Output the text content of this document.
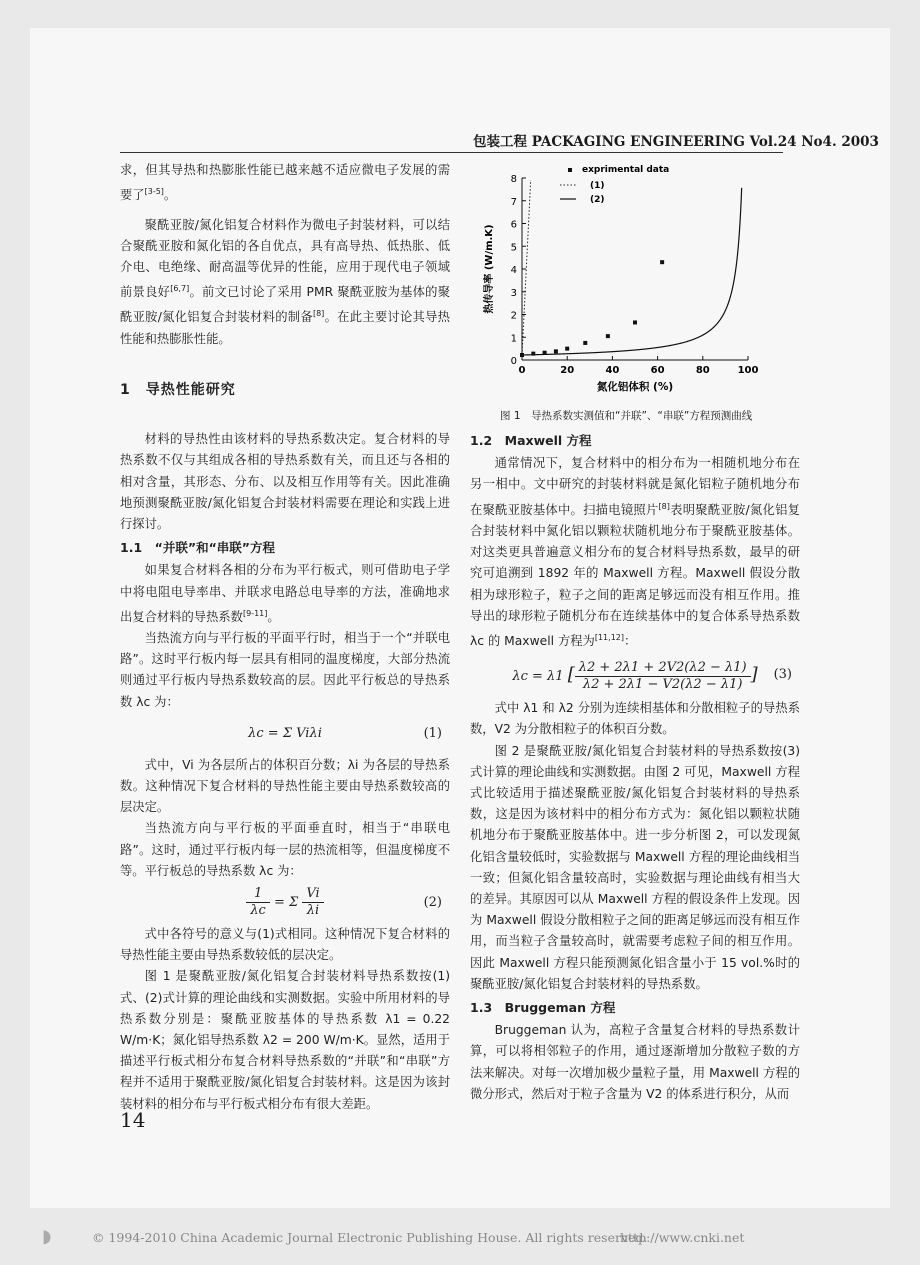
包装工程 PACKAGING ENGINEERING Vol.24 No4. 2003

求，但其导热和热膨胀性能已越来越不适应微电子发展的需要了[3-5]。

聚酰亚胺/氮化铝复合材料作为微电子封装材料，可以结合聚酰亚胺和氮化铝的各自优点，具有高导热、低热胀、低介电、电绝缘、耐高温等优异的性能，应用于现代电子领域前景良好[6,7]。前文已讨论了采用 PMR 聚酰亚胺为基体的聚酰亚胺/氮化铝复合封装材料的制备[8]。在此主要讨论其导热性能和热膨胀性能。

1　导热性能研究

材料的导热性由该材料的导热系数决定。复合材料的导热系数不仅与其组成各相的导热系数有关，而且还与各相的相对含量，其形态、分布、以及相互作用等有关。因此准确地预测聚酰亚胺/氮化铝复合封装材料需要在理论和实践上进行探讨。

1.1　“并联”和“串联”方程

如果复合材料各相的分布为平行板式，则可借助电子学中将电阻电导率串、并联求电路总电导率的方法，准确地求出复合材料的导热系数[9-11]。

当热流方向与平行板的平面平行时，相当于一个“并联电路”。这时平行板内每一层具有相同的温度梯度，大部分热流则通过平行板内导热系数较高的层。因此平行板总的导热系数 λc 为：

λc = Σ Viλi	(1)

式中，Vi 为各层所占的体积百分数；λi 为各层的导热系数。这种情况下复合材料的导热性能主要由导热系数较高的层决定。

当热流方向与平行板的平面垂直时，相当于“串联电路”。这时，通过平行板内每一层的热流相等，但温度梯度不等。平行板总的导热系数 λc 为：

$\frac{1}{\lambda c} = \Sigma \frac{Vi}{\lambda i}$	(2)

式中各符号的意义与(1)式相同。这种情况下复合材料的导热性能主要由导热系数较低的层决定。

图 1 是聚酰亚胺/氮化铝复合封装材料导热系数按(1)式、(2)式计算的理论曲线和实测数据。实验中所用材料的导热系数分别是：聚酰亚胺基体的导热系数 λ1 = 0.22 W/m·K；氮化铝导热系数 λ2 = 200 W/m·K。显然，适用于描述平行板式相分布复合材料导热系数的“并联”和“串联”方程并不适用于聚酰亚胺/氮化铝复合封装材料。这是因为该封装材料的相分布与平行板式相分布有很大差距。

14
0
1
2
3
4
5
6
7
8
0	20	40	60	80	100
氮化铝体积 (%)
热传导率 (W/m.K)
exprimental data
(1)
(2)
图 1　导热系数实测值和“并联”、“串联”方程预测曲线

1.2　Maxwell 方程

通常情况下，复合材料中的相分布为一相随机地分布在另一相中。文中研究的封装材料就是氮化铝粒子随机地分布在聚酰亚胺基体中。扫描电镜照片[8]表明聚酰亚胺/氮化铝复合封装材料中氮化铝以颗粒状随机地分布于聚酰亚胺基体。对这类更具普遍意义相分布的复合材料导热系数，最早的研究可追溯到 1892 年的 Maxwell 方程。Maxwell 假设分散相为球形粒子，粒子之间的距离足够远而没有相互作用。推导出的球形粒子随机分布在连续基体中的复合体系导热系数 λc 的 Maxwell 方程为[11,12]：

λc = λ1 [ $\frac{\lambda 2 + 2\lambda 1 + 2V2(\lambda 2 - \lambda 1)}{\lambda 2 + 2\lambda 1 - V2(\lambda 2 - \lambda 1)}$ ] (3)

式中 λ1 和 λ2 分别为连续相基体和分散相粒子的导热系数，V2 为分散相粒子的体积百分数。

图 2 是聚酰亚胺/氮化铝复合封装材料的导热系数按(3)式计算的理论曲线和实测数据。由图 2 可见，Maxwell 方程式比较适用于描述聚酰亚胺/氮化铝复合封装材料的导热系数，这是因为该材料中的相分布方式为：氮化铝以颗粒状随机地分布于聚酰亚胺基体中。进一步分析图 2，可以发现氮化铝含量较低时，实验数据与 Maxwell 方程的理论曲线相当一致；但氮化铝含量较高时，实验数据与理论曲线有相当大的差异。其原因可以从 Maxwell 方程的假设条件上发现。因为 Maxwell 假设分散相粒子之间的距离足够远而没有相互作用，而当粒子含量较高时，就需要考虑粒子间的相互作用。因此 Maxwell 方程只能预测氮化铝含量小于 15 vol.%时的聚酰亚胺/氮化铝复合封装材料的导热系数。

1.3　Bruggeman 方程

Bruggeman 认为，高粒子含量复合材料的导热系数计算，可以将相邻粒子的作用，通过逐渐增加分散粒子数的方法来解决。对每一次增加极少量粒子量，用 Maxwell 方程的微分形式，然后对于粒子含量为 V2 的体系进行积分，从而

◗	© 1994-2010 China Academic Journal Electronic Publishing House. All rights reserved.
http://www.cnki.net
